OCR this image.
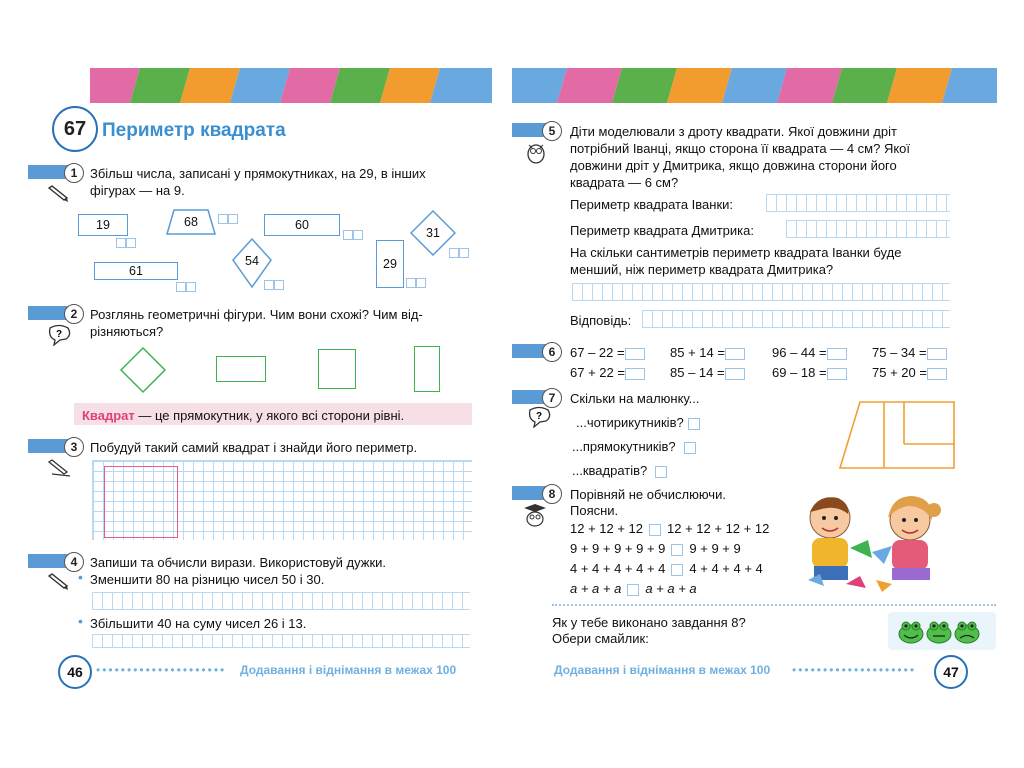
67 Периметр квадрата
1 Збільш числа, записані у прямокутниках, на 29, в інших
фігурах — на 9.
19	68	60
31
54
61	29
2
?
Розглянь геометричні фігури. Чим вони схожі? Чим від-
різняються?
Квадрат — це прямокутник, у якого всі сторони рівні.
3 Побудуй такий самий квадрат і знайди його периметр.
4 Запиши та обчисли вирази. Використовуй дужки.
• Зменшити 80 на різницю чисел 50 і 30.
• Збільшити 40 на суму чисел 26 і 13.
46	••••••••••••••••••••• Додавання і віднімання в межах 100
5	Діти моделювали з дроту квадрати. Якої довжини дріт
потрібний Іванці, якщо сторона її квадрата — 4 см? Якої
довжини дріт у Дмитрика, якщо довжина сторони його
квадрата — 6 см?
Периметр квадрата Іванки:
Периметр квадрата Дмитрика:
На скільки сантиметрів периметр квадрата Іванки буде
менший, ніж периметр квадрата Дмитрика?
Відповідь:
6	67 – 22 =	85 + 14 =	96 – 44 =	75 – 34 =
67 + 22 =	85 – 14 =	69 – 18 =	75 + 20 =
7
?
Скільки на малюнку...
...чотирикутників?
...прямокутників?
...квадратів?
8	Порівняй не обчислюючи.
Поясни.
12 + 12 + 12 12 + 12 + 12 + 12
9 + 9 + 9 + 9 + 9 9 + 9 + 9
4 + 4 + 4 + 4 + 4 4 + 4 + 4 + 4
a + a + a a + a + a
Як у тебе виконано завдання 8?
Обери смайлик:
Додавання і віднімання в межах 100 ••••••••••••••••••••	47
